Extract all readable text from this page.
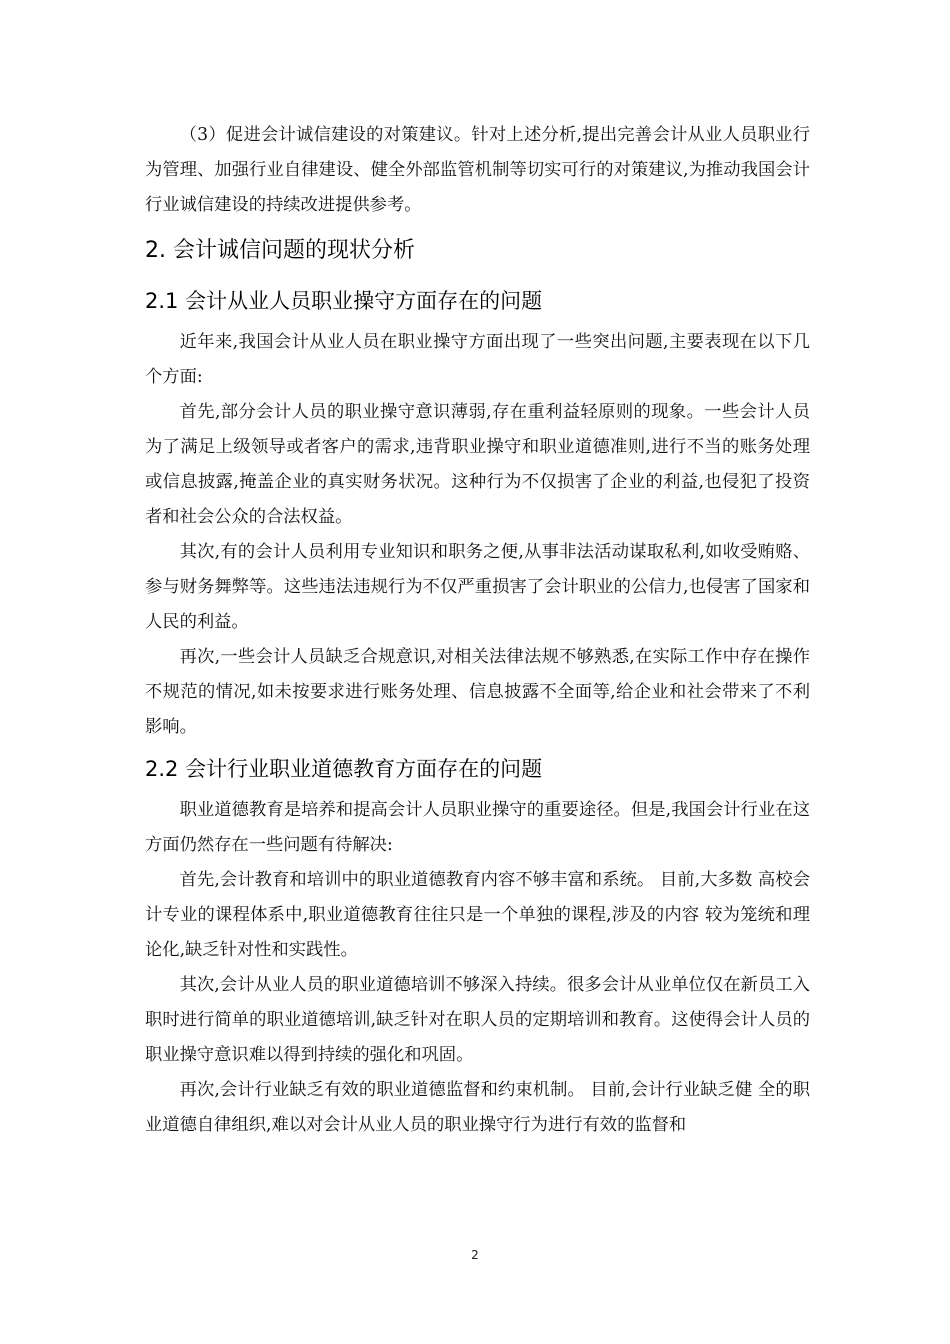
（3）促进会计诚信建设的对策建议。针对上述分析,提出完善会计从业人员职业行为管理、加强行业自律建设、健全外部监管机制等切实可行的对策建议,为推动我国会计行业诚信建设的持续改进提供参考。

2. 会计诚信问题的现状分析
2.1 会计从业人员职业操守方面存在的问题

近年来,我国会计从业人员在职业操守方面出现了一些突出问题,主要表现在以下几个方面:

首先,部分会计人员的职业操守意识薄弱,存在重利益轻原则的现象。一些会计人员为了满足上级领导或者客户的需求,违背职业操守和职业道德准则,进行不当的账务处理或信息披露,掩盖企业的真实财务状况。这种行为不仅损害了企业的利益,也侵犯了投资者和社会公众的合法权益。

其次,有的会计人员利用专业知识和职务之便,从事非法活动谋取私利,如收受贿赂、参与财务舞弊等。这些违法违规行为不仅严重损害了会计职业的公信力,也侵害了国家和人民的利益。

再次,一些会计人员缺乏合规意识,对相关法律法规不够熟悉,在实际工作中存在操作不规范的情况,如未按要求进行账务处理、信息披露不全面等,给企业和社会带来了不利影响。

2.2 会计行业职业道德教育方面存在的问题

职业道德教育是培养和提高会计人员职业操守的重要途径。但是,我国会计行业在这方面仍然存在一些问题有待解决:

首先,会计教育和培训中的职业道德教育内容不够丰富和系统。 目前,大多数 高校会计专业的课程体系中,职业道德教育往往只是一个单独的课程,涉及的内容 较为笼统和理论化,缺乏针对性和实践性。

其次,会计从业人员的职业道德培训不够深入持续。很多会计从业单位仅在新员工入职时进行简单的职业道德培训,缺乏针对在职人员的定期培训和教育。这使得会计人员的职业操守意识难以得到持续的强化和巩固。

再次,会计行业缺乏有效的职业道德监督和约束机制。 目前,会计行业缺乏健 全的职业道德自律组织,难以对会计从业人员的职业操守行为进行有效的监督和

2
